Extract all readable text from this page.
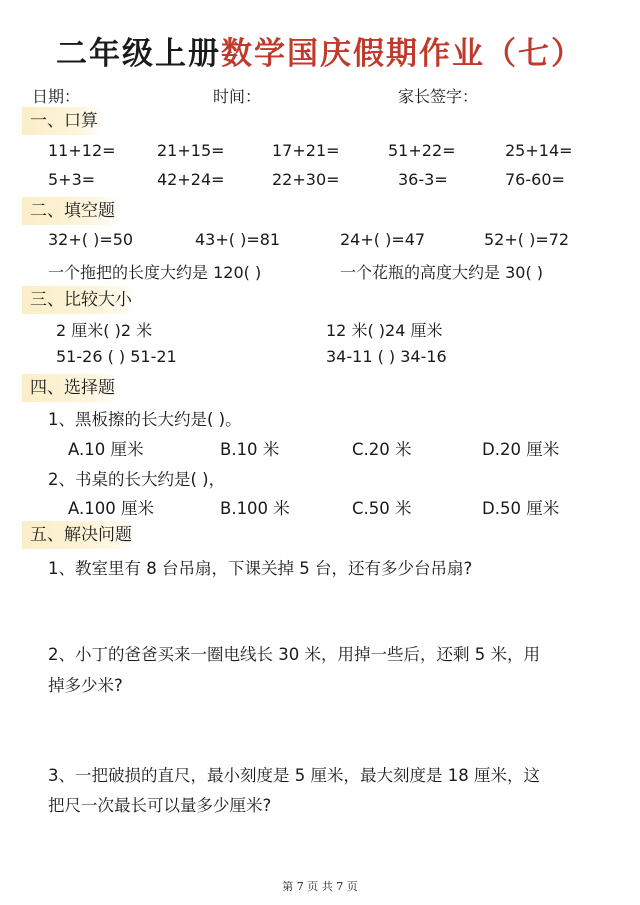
二年级上册数学国庆假期作业（七）
日期：	时间：	家长签字：
一、口算
11+12=	21+15=	17+21=	51+22=	25+14=
5+3=	42+24=	22+30=	36-3=	76-60=
二、填空题
32+( )=50	43+( )=81	24+( )=47	52+( )=72
一个拖把的长度大约是 120( )	一个花瓶的高度大约是 30( )
三、比较大小
2 厘米( )2 米	12 米( )24 厘米
51-26 ( ) 51-21	34-11 ( ) 34-16
四、选择题
1、黑板擦的长大约是( )。
A.10 厘米	B.10 米	C.20 米	D.20 厘米
2、书桌的长大约是( )，
A.100 厘米	B.100 米	C.50 米	D.50 厘米
五、解决问题
1、教室里有 8 台吊扇，下课关掉 5 台，还有多少台吊扇?
2、小丁的爸爸买来一圈电线长 30 米，用掉一些后，还剩 5 米，用
掉多少米?
3、一把破损的直尺，最小刻度是 5 厘米，最大刻度是 18 厘米，这
把尺一次最长可以量多少厘米?
第 7 页 共 7 页
